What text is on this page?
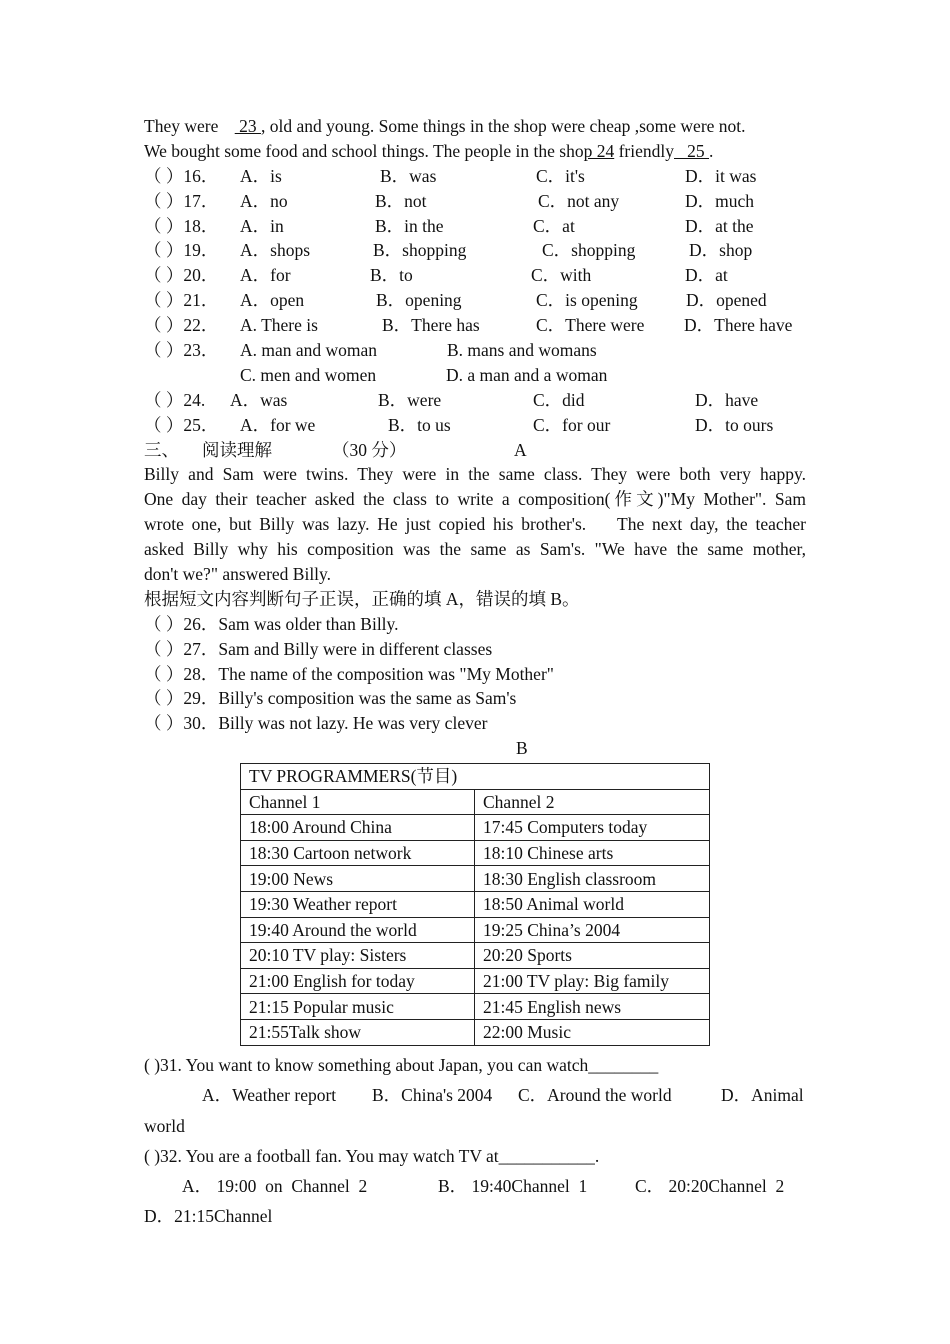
They were  23 , old and young. Some things in the shop were cheap ,some were not.
We bought some food and school things. The people in the shop 24 friendly   25 .
（ ）16． A．is	B．was	C．it's	D．it was
（ ）17． A．no	B．not	C．not any	D．much
（ ）18． A．in	B．in the	C．at	D．at the
（ ）19． A．shops	B．shopping	C．shopping	D．shop
（ ）20． A．for	B．to	C．with	D．at
（ ）21． A．open	B．opening	C．is opening	D．opened
（ ）22． A. There is	B．There has	C．There were D．There have
（ ）23． A. man and woman	B. mans and womans
C. men and women	D. a man and a woman
（ ）24. A．was	B．were	C．did	D．have
（ ）25． A．for we	B．to us	C．for our	D．to ours
三、 阅读理解	（30 分）	A
Billy and Sam were twins. They were in the same class. They were both very happy.
One day their teacher asked the class to write a composition(作文)"My Mother". Sam
wrote one, but Billy was lazy. He just copied his brother's.    The next day, the teacher
asked Billy why his composition was the same as Sam's. "We have the same mother,
don't we?" answered Billy.
根据短文内容判断句子正误，正确的填 A，错误的填 B。
（ ）26．Sam was older than Billy.
（ ）27．Sam and Billy were in different classes
（ ）28．The name of the composition was "My Mother"
（ ）29．Billy's composition was the same as Sam's
（ ）30．Billy was not lazy. He was very clever
B
TV PROGRAMMERS(节目)	
Channel 1	Channel 2
18:00 Around China	17:45 Computers today
18:30 Cartoon network	18:10 Chinese arts
19:00 News	18:30 English classroom
19:30 Weather report	18:50 Animal world
19:40 Around the world	19:25 China’s 2004
20:10 TV play: Sisters	20:20 Sports
21:00 English for today	21:00 TV play: Big family
21:15 Popular music	21:45 English news
21:55Talk show	22:00 Music
( )31. You want to know something about Japan, you can watch________
A．Weather report B．China's 2004 C．Around the world	D．Animal
world
( )32. You are a football fan. You may watch TV at___________.
A． 19:00  on  Channel  2	B． 19:40Channel  1	C． 20:20Channel  2
D．21:15Channel
